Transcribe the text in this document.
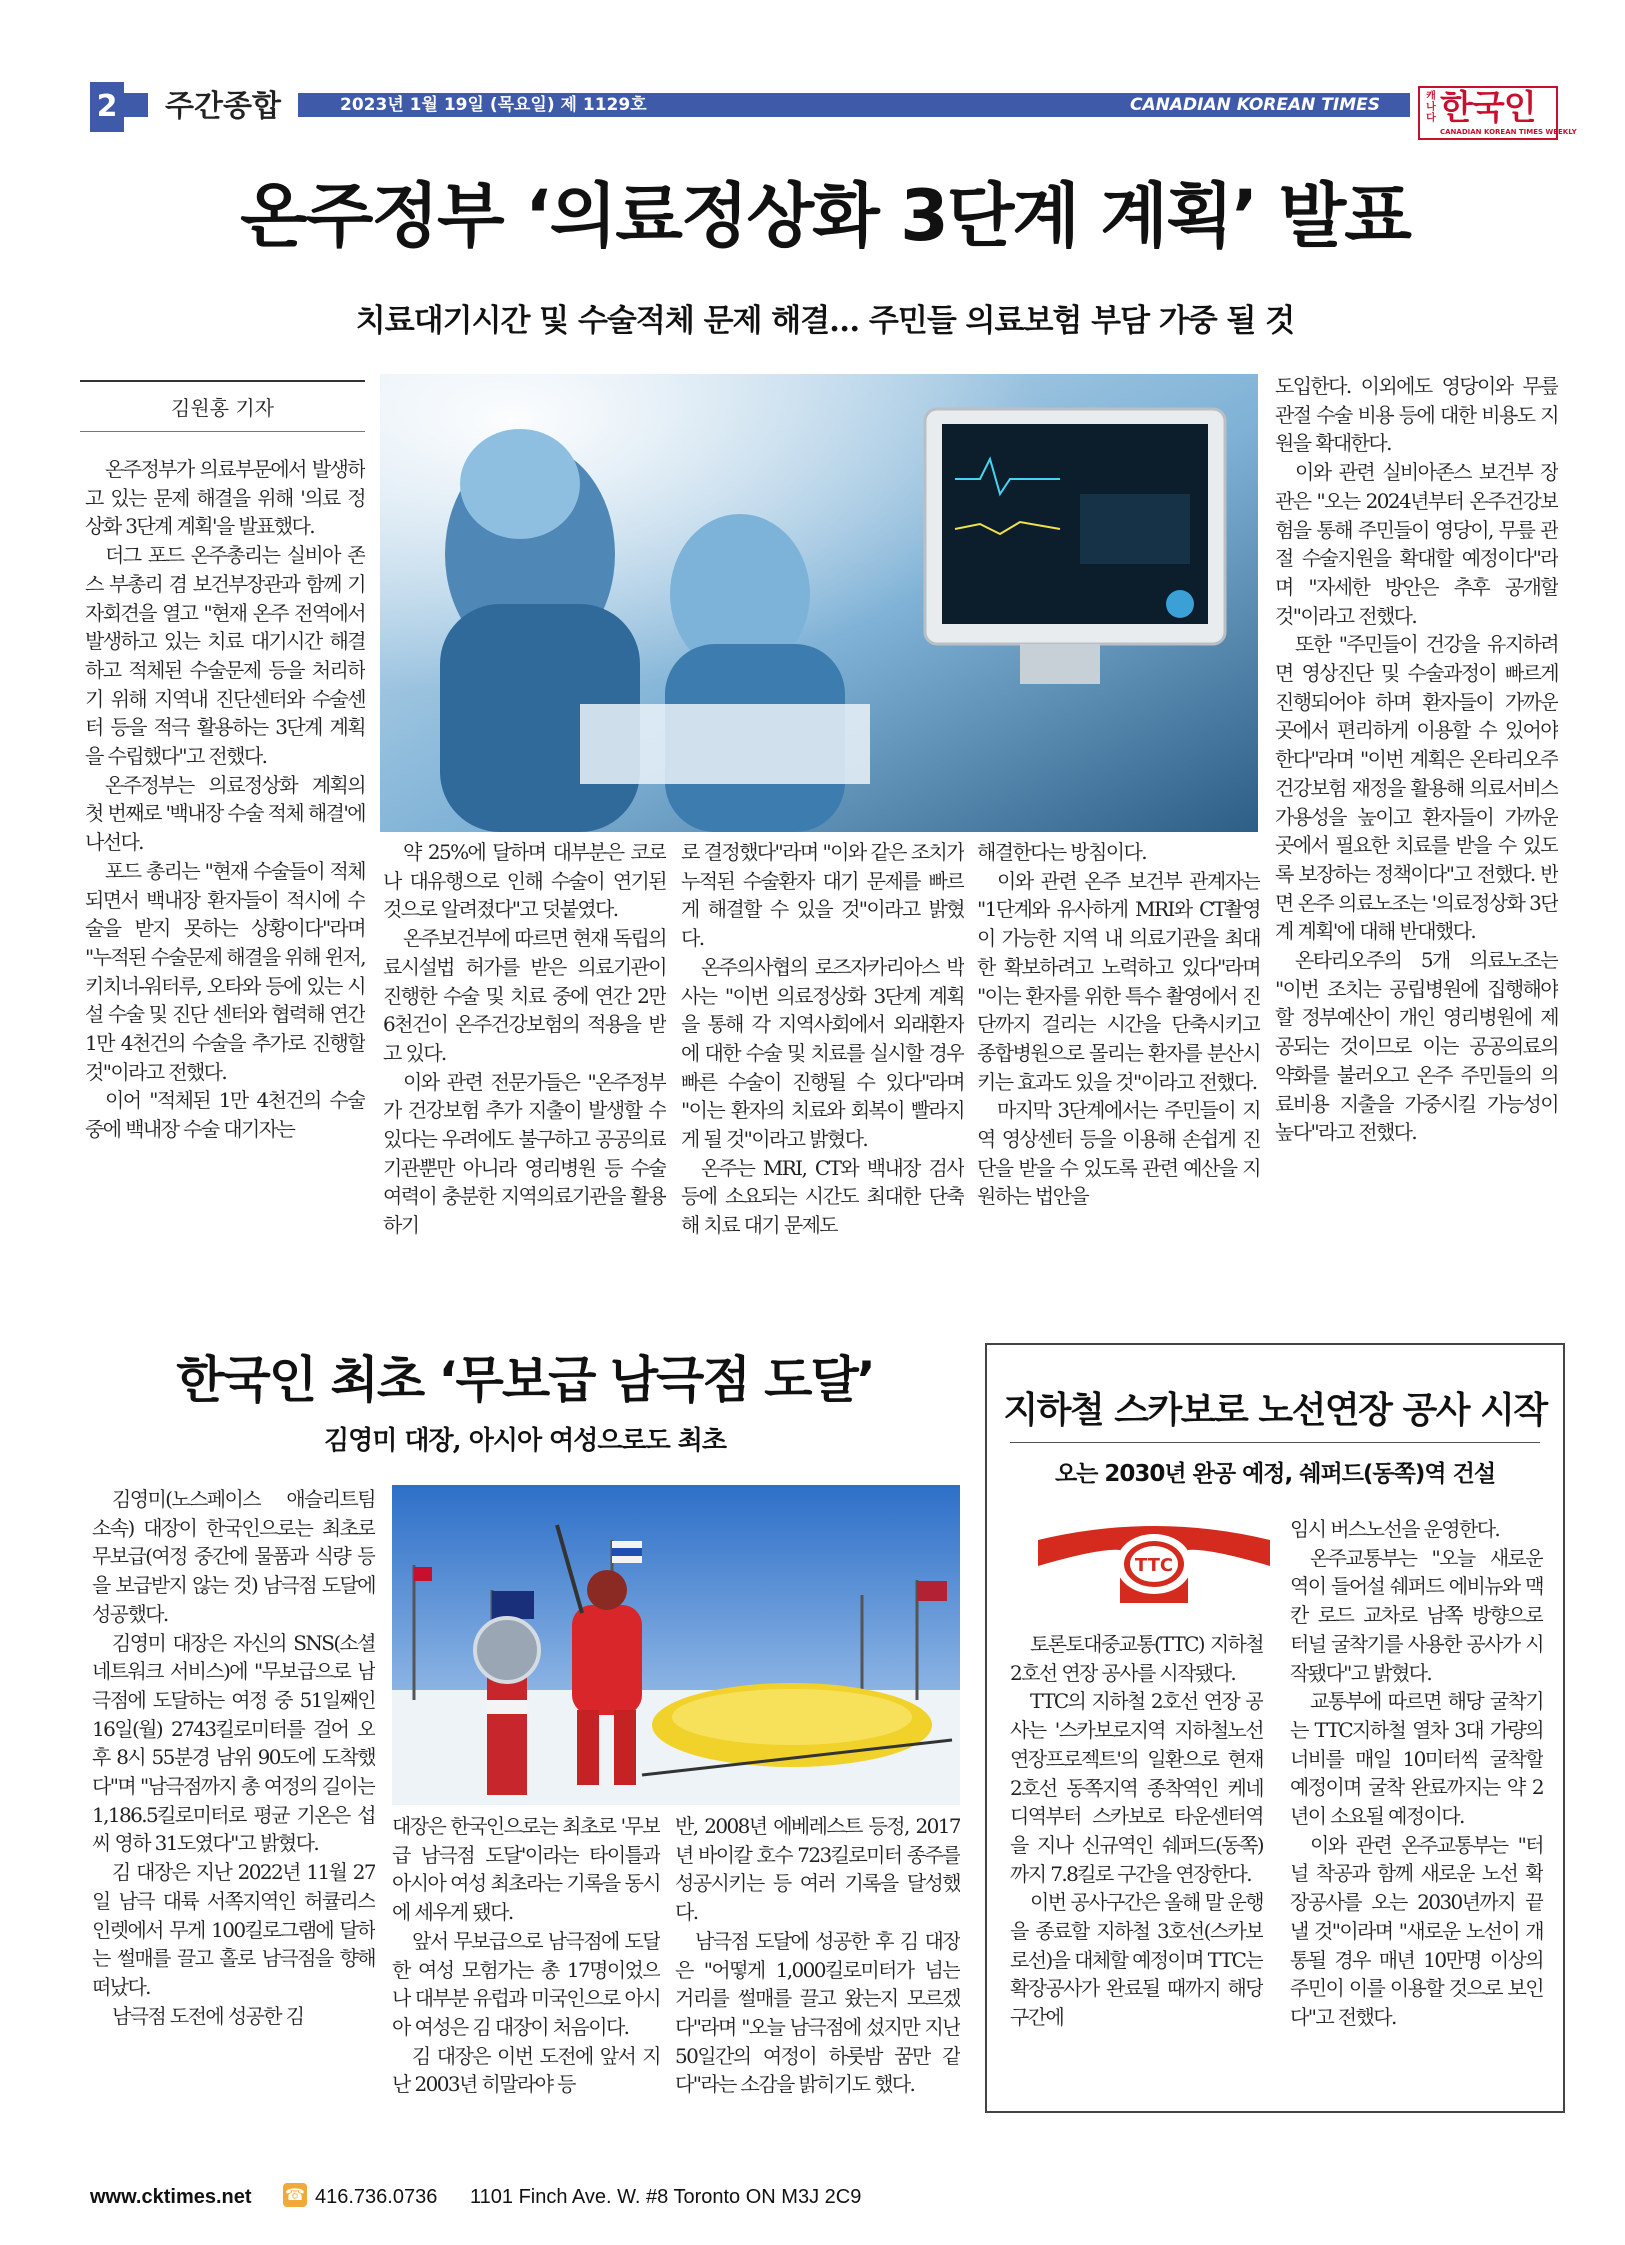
2	주간종합	2023년 1월 19일 (목요일) 제 1129호	CANADIAN KOREAN TIMES	캐나다 한국인
CANADIAN KOREAN TIMES WEEKLY
온주정부 ‘의료정상화 3단계 계획’ 발표
치료대기시간 및 수술적체 문제 해결… 주민들 의료보험 부담 가중 될 것
김원홍 기자

온주정부가 의료부문에서 발생하고 있는 문제 해결을 위해 '의료 정상화 3단계 계획'을 발표했다.

더그 포드 온주총리는 실비아 존스 부총리 겸 보건부장관과 함께 기자회견을 열고 "현재 온주 전역에서 발생하고 있는 치료 대기시간 해결하고 적체된 수술문제 등을 처리하기 위해 지역내 진단센터와 수술센터 등을 적극 활용하는 3단계 계획을 수립했다"고 전했다.

온주정부는 의료정상화 계획의 첫 번째로 '백내장 수술 적체 해결'에 나선다.

포드 총리는 "현재 수술들이 적체되면서 백내장 환자들이 적시에 수술을 받지 못하는 상황이다"라며 "누적된 수술문제 해결을 위해 윈저, 키치너-워터루, 오타와 등에 있는 시설 수술 및 진단 센터와 협력해 연간 1만 4천건의 수술을 추가로 진행할 것"이라고 전했다.

이어 "적체된 1만 4천건의 수술 중에 백내장 수술 대기자는

약 25%에 달하며 대부분은 코로나 대유행으로 인해 수술이 연기된 것으로 알려졌다"고 덧붙였다.

온주보건부에 따르면 현재 독립의료시설법 허가를 받은 의료기관이 진행한 수술 및 치료 중에 연간 2만 6천건이 온주건강보험의 적용을 받고 있다.

이와 관련 전문가들은 "온주정부가 건강보험 추가 지출이 발생할 수 있다는 우려에도 불구하고 공공의료기관뿐만 아니라 영리병원 등 수술 여력이 충분한 지역의료기관을 활용하기

로 결정했다"라며 "이와 같은 조치가 누적된 수술환자 대기 문제를 빠르게 해결할 수 있을 것"이라고 밝혔다.

온주의사협의 로즈자카리아스 박사는 "이번 의료정상화 3단계 계획을 통해 각 지역사회에서 외래환자에 대한 수술 및 치료를 실시할 경우 빠른 수술이 진행될 수 있다"라며 "이는 환자의 치료와 회복이 빨라지게 될 것"이라고 밝혔다.

온주는 MRI, CT와 백내장 검사 등에 소요되는 시간도 최대한 단축해 치료 대기 문제도

해결한다는 방침이다.

이와 관련 온주 보건부 관계자는 "1단계와 유사하게 MRI와 CT촬영이 가능한 지역 내 의료기관을 최대한 확보하려고 노력하고 있다"라며 "이는 환자를 위한 특수 촬영에서 진단까지 걸리는 시간을 단축시키고 종합병원으로 몰리는 환자를 분산시키는 효과도 있을 것"이라고 전했다.

마지막 3단계에서는 주민들이 지역 영상센터 등을 이용해 손쉽게 진단을 받을 수 있도록 관련 예산을 지원하는 법안을

도입한다. 이외에도 영당이와 무릎 관절 수술 비용 등에 대한 비용도 지원을 확대한다.

이와 관련 실비아존스 보건부 장관은 "오는 2024년부터 온주건강보험을 통해 주민들이 영당이, 무릎 관절 수술지원을 확대할 예정이다"라며 "자세한 방안은 추후 공개할 것"이라고 전했다.

또한 "주민들이 건강을 유지하려면 영상진단 및 수술과정이 빠르게 진행되어야 하며 환자들이 가까운 곳에서 편리하게 이용할 수 있어야 한다"라며 "이번 계획은 온타리오주건강보험 재정을 활용해 의료서비스 가용성을 높이고 환자들이 가까운 곳에서 필요한 치료를 받을 수 있도록 보장하는 정책이다"고 전했다. 반면 온주 의료노조는 '의료정상화 3단계 계획'에 대해 반대했다.

온타리오주의 5개 의료노조는 "이번 조치는 공립병원에 집행해야할 정부예산이 개인 영리병원에 제공되는 것이므로 이는 공공의료의 약화를 불러오고 온주 주민들의 의료비용 지출을 가중시킬 가능성이 높다"라고 전했다.

한국인 최초 ‘무보급 남극점 도달’
김영미 대장, 아시아 여성으로도 최초

김영미(노스페이스 애슬리트팀 소속) 대장이 한국인으로는 최초로 무보급(여정 중간에 물품과 식량 등을 보급받지 않는 것) 남극점 도달에 성공했다.

김영미 대장은 자신의 SNS(소셜네트워크 서비스)에 "무보급으로 남극점에 도달하는 여정 중 51일째인 16일(월) 2743킬로미터를 걸어 오후 8시 55분경 남위 90도에 도착했다"며 "남극점까지 총 여정의 길이는 1,186.5킬로미터로 평균 기온은 섭씨 영하 31도였다"고 밝혔다.

김 대장은 지난 2022년 11월 27일 남극 대륙 서쪽지역인 허큘리스 인렛에서 무게 100킬로그램에 달하는 썰매를 끌고 홀로 남극점을 향해 떠났다.

남극점 도전에 성공한 김

대장은 한국인으로는 최초로 '무보급 남극점 도달'이라는 타이틀과 아시아 여성 최초라는 기록을 동시에 세우게 됐다.

앞서 무보급으로 남극점에 도달한 여성 모험가는 총 17명이었으나 대부분 유럽과 미국인으로 아시아 여성은 김 대장이 처음이다.

김 대장은 이번 도전에 앞서 지난 2003년 히말라야 등

반, 2008년 에베레스트 등정, 2017년 바이칼 호수 723킬로미터 종주를 성공시키는 등 여러 기록을 달성했다.

남극점 도달에 성공한 후 김 대장은 "어떻게 1,000킬로미터가 넘는 거리를 썰매를 끌고 왔는지 모르겠다"라며 "오늘 남극점에 섰지만 지난 50일간의 여정이 하룻밤 꿈만 같다"라는 소감을 밝히기도 했다.

지하철 스카보로 노선연장 공사 시작
오는 2030년 완공 예정, 쉐퍼드(동쪽)역 건설
TTC

토론토대중교통(TTC) 지하철 2호선 연장 공사를 시작됐다.

TTC의 지하철 2호선 연장 공사는 '스카보로지역 지하철노선 연장프로젝트'의 일환으로 현재 2호선 동쪽지역 종착역인 케네디역부터 스카보로 타운센터역을 지나 신규역인 쉐퍼드(동쪽)까지 7.8킬로 구간을 연장한다.

이번 공사구간은 올해 말 운행을 종료할 지하철 3호선(스카보로선)을 대체할 예정이며 TTC는 확장공사가 완료될 때까지 해당 구간에

임시 버스노선을 운영한다.

온주교통부는 "오늘 새로운 역이 들어설 쉐퍼드 에비뉴와 맥칸 로드 교차로 남쪽 방향으로 터널 굴착기를 사용한 공사가 시작됐다"고 밝혔다.

교통부에 따르면 해당 굴착기는 TTC지하철 열차 3대 가량의 너비를 매일 10미터씩 굴착할 예정이며 굴착 완료까지는 약 2년이 소요될 예정이다.

이와 관련 온주교통부는 "터널 착공과 함께 새로운 노선 확장공사를 오는 2030년까지 끝낼 것"이라며 "새로운 노선이 개통될 경우 매년 10만명 이상의 주민이 이를 이용할 것으로 보인다"고 전했다.

www.cktimes.net ☎ 416.736.0736 1101 Finch Ave. W. #8 Toronto ON M3J 2C9
